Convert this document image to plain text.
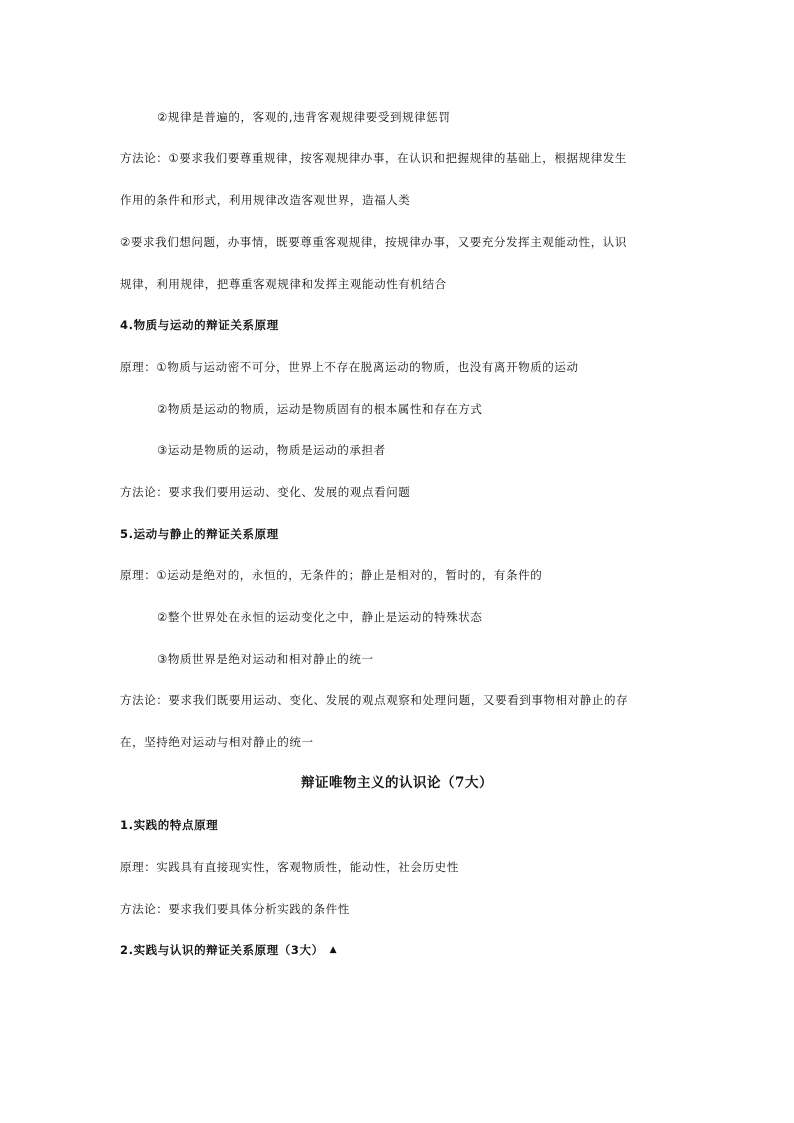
②规律是普遍的，客观的,违背客观规律要受到规律惩罚
方法论：①要求我们要尊重规律，按客观规律办事，在认识和把握规律的基础上，根据规律发生
作用的条件和形式，利用规律改造客观世界，造福人类
②要求我们想问题，办事情，既要尊重客观规律，按规律办事，又要充分发挥主观能动性，认识
规律，利用规律，把尊重客观规律和发挥主观能动性有机结合
4.物质与运动的辩证关系原理
原理：①物质与运动密不可分，世界上不存在脱离运动的物质，也没有离开物质的运动
②物质是运动的物质，运动是物质固有的根本属性和存在方式
③运动是物质的运动，物质是运动的承担者
方法论：要求我们要用运动、变化、发展的观点看问题
5.运动与静止的辩证关系原理
原理：①运动是绝对的，永恒的，无条件的；静止是相对的，暂时的，有条件的
②整个世界处在永恒的运动变化之中，静止是运动的特殊状态
③物质世界是绝对运动和相对静止的统一
方法论：要求我们既要用运动、变化、发展的观点观察和处理问题，又要看到事物相对静止的存
在，坚持绝对运动与相对静止的统一
辩证唯物主义的认识论（7大）
1.实践的特点原理
原理：实践具有直接现实性，客观物质性，能动性，社会历史性
方法论：要求我们要具体分析实践的条件性
2.实践与认识的辩证关系原理（3大） ▲
